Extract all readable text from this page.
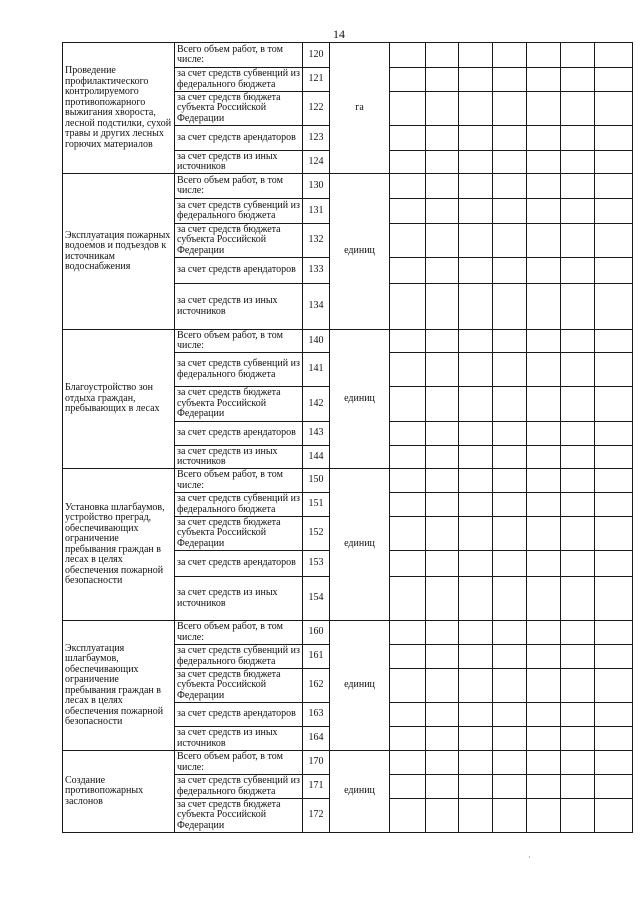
14
Проведение профилактического контролируемого противопожарного выжигания хвороста, лесной подстилки, сухой травы и других лесных горючих материалов	Всего объем работ, в том числе:	120	га							
	за счет средств субвенций из федерального бюджета	121								
	за счет средств бюджета субъекта Российской Федерации	122								
	за счет средств арендаторов	123								
	за счет средств из иных источников	124								
Эксплуатация пожарных водоемов и подъездов к источникам водоснабжения	Всего объем работ, в том числе:	130	единиц							
	за счет средств субвенций из федерального бюджета	131								
	за счет средств бюджета субъекта Российской Федерации	132								
	за счет средств арендаторов	133								
	за счет средств из иных источников	134								
Благоустройство зон отдыха граждан, пребывающих в лесах	Всего объем работ, в том числе:	140	единиц							
	за счет средств субвенций из федерального бюджета	141								
	за счет средств бюджета субъекта Российской Федерации	142								
	за счет средств арендаторов	143								
	за счет средств из иных источников	144								
Установка шлагбаумов, устройство преград, обеспечивающих ограничение пребывания граждан в лесах в целях обеспечения пожарной безопасности	Всего объем работ, в том числе:	150	единиц							
	за счет средств субвенций из федерального бюджета	151								
	за счет средств бюджета субъекта Российской Федерации	152								
	за счет средств арендаторов	153								
	за счет средств из иных источников	154								
Эксплуатация шлагбаумов, обеспечивающих ограничение пребывания граждан в лесах в целях обеспечения пожарной безопасности	Всего объем работ, в том числе:	160	единиц							
	за счет средств субвенций из федерального бюджета	161								
	за счет средств бюджета субъекта Российской Федерации	162								
	за счет средств арендаторов	163								
	за счет средств из иных источников	164								
Создание противопожарных заслонов	Всего объем работ, в том числе:	170	единиц							
	за счет средств субвенций из федерального бюджета	171								
	за счет средств бюджета субъекта Российской Федерации	172								
·
